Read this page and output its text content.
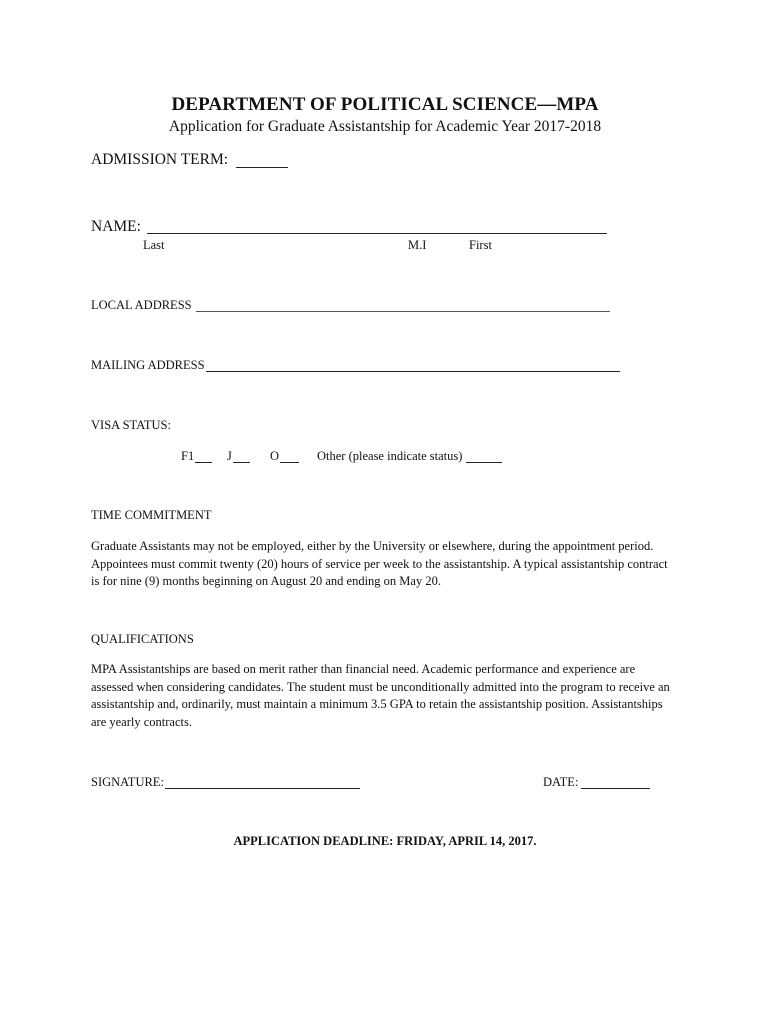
DEPARTMENT OF POLITICAL SCIENCE—MPA
Application for Graduate Assistantship for Academic Year 2017-2018
ADMISSION TERM:
NAME:
Last	M.I	First
LOCAL ADDRESS
MAILING ADDRESS
VISA STATUS:
F1	J	O	Other (please indicate status)
TIME COMMITMENT
Graduate Assistants may not be employed, either by the University or elsewhere, during the appointment period.
Appointees must commit twenty (20) hours of service per week to the assistantship. A typical assistantship contract
is for nine (9) months beginning on August 20 and ending on May 20.
QUALIFICATIONS
MPA Assistantships are based on merit rather than financial need. Academic performance and experience are
assessed when considering candidates. The student must be unconditionally admitted into the program to receive an
assistantship and, ordinarily, must maintain a minimum 3.5 GPA to retain the assistantship position. Assistantships
are yearly contracts.
SIGNATURE:	DATE:
APPLICATION DEADLINE: FRIDAY, APRIL 14, 2017.
